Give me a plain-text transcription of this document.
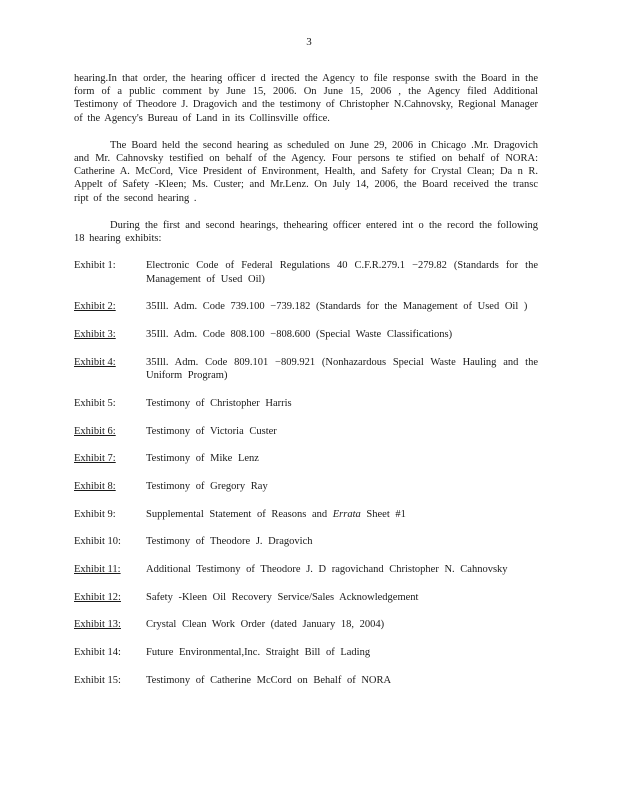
3

hearing.In that order, the hearing officer d irected the Agency to file response swith the Board in the form of a public comment by June 15, 2006. On June 15, 2006 , the Agency filed Additional Testimony of Theodore J. Dragovich and the testimony of Christopher N.Cahnovsky, Regional Manager of the Agency's Bureau of Land in its Collinsville office.

The Board held the second hearing as scheduled on June 29, 2006 in Chicago .Mr. Dragovich and Mr. Cahnovsky testified on behalf of the Agency. Four persons te stified on behalf of NORA: Catherine A. McCord, Vice President of Environment, Health, and Safety for Crystal Clean; Da n R. Appelt of Safety -Kleen; Ms. Custer; and Mr.Lenz. On July 14, 2006, the Board received the transc ript of the second hearing .

During the first and second hearings, thehearing officer entered int o the record the following 18 hearing exhibits:

Exhibit 1:	Electronic Code of Federal Regulations 40 C.F.R.279.1 −279.82 (Standards for the Management of Used Oil)
Exhibit 2:	35Ill. Adm. Code 739.100 −739.182 (Standards for the Management of Used Oil )
Exhibit 3:	35Ill. Adm. Code 808.100 −808.600 (Special Waste Classifications)
Exhibit 4:	35Ill. Adm. Code 809.101 −809.921 (Nonhazardous Special Waste Hauling and the Uniform Program)
Exhibit 5:	Testimony of Christopher Harris
Exhibit 6:	Testimony of Victoria Custer
Exhibit 7:	Testimony of Mike Lenz
Exhibit 8:	Testimony of Gregory Ray
Exhibit 9:	Supplemental Statement of Reasons and Errata Sheet #1
Exhibit 10:	Testimony of Theodore J. Dragovich
Exhibit 11:	Additional Testimony of Theodore J. D ragovichand Christopher N. Cahnovsky
Exhibit 12:	Safety -Kleen Oil Recovery Service/Sales Acknowledgement
Exhibit 13:	Crystal Clean Work Order (dated January 18, 2004)
Exhibit 14:	Future Environmental,Inc. Straight Bill of Lading
Exhibit 15:	Testimony of Catherine McCord on Behalf of NORA
